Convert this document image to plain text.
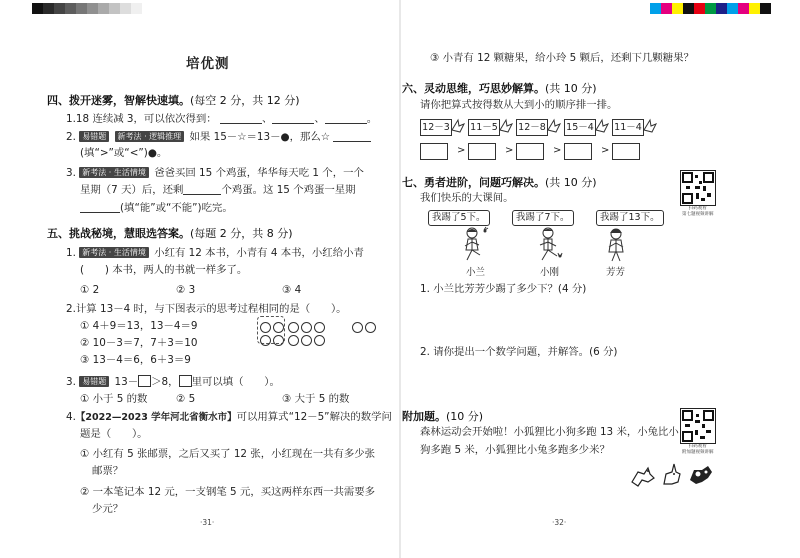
培优测
四、拨开迷雾，智解快速填。(每空 2 分，共 12 分)
1.18 连续减 3，可以依次得到：	、	、	。
2. 易错题 新考法 · 逻辑推理 如果 15－☆＝13－●，那么☆
(填“>”或“<”)●。
3. 新考法 · 生活情境 爸爸买回 15 个鸡蛋，华华每天吃 1 个，一个
星期（7 天）后，还剩	个鸡蛋。这 15 个鸡蛋一星期
(填“能”或“不能”)吃完。
五、挑战秘境，慧眼选答案。(每题 2 分，共 8 分)
1. 新考法 · 生活情境 小红有 12 本书，小青有 4 本书，小红给小青
(　　) 本书，两人的书就一样多了。
① 2	② 3	③ 4
2.计算 13－4 时，与下图表示的思考过程相同的是（　　）。
① 4＋9＝13，13－4＝9
② 10－3＝7，7＋3＝10
③ 13－4＝6，6＋3＝9

3. 易错题 13－ ＞8， 里可以填（　　）。
① 小于 5 的数	② 5	③ 大于 5 的数
4.【2022—2023 学年河北省衡水市】可以用算式“12－5”解决的数学问
题是（　　）。
① 小红有 5 张邮票，之后又买了 12 张，小红现在一共有多少张
邮票？
② 一本笔记本 12 元，一支钢笔 5 元，买这两样东西一共需要多
少元？
·31·
③ 小青有 12 颗糖果，给小玲 5 颗后，还剩下几颗糖果？
六、灵动思维，巧思妙解算。(共 10 分)
请你把算式按得数从大到小的顺序排一排。
12－3 11－5 12－8 15－4 11－4
>	>	>	>
七、勇者进阶，问题巧解决。(共 10 分)
我们快乐的大课间。
扫码观看
第七题视频讲解
我踢了5下。	我踢了7下。	我踢了13下。
小兰	小刚	芳芳
1. 小兰比芳芳少踢了多少下？(4 分)
2. 请你提出一个数学问题，并解答。(6 分)
附加题。(10 分)
森林运动会开始啦！小狐狸比小狗多跑 13 米，小兔比小
狗多跑 5 米，小狐狸比小兔多跑多少米？	扫码观看
附加题视频讲解
·32·
